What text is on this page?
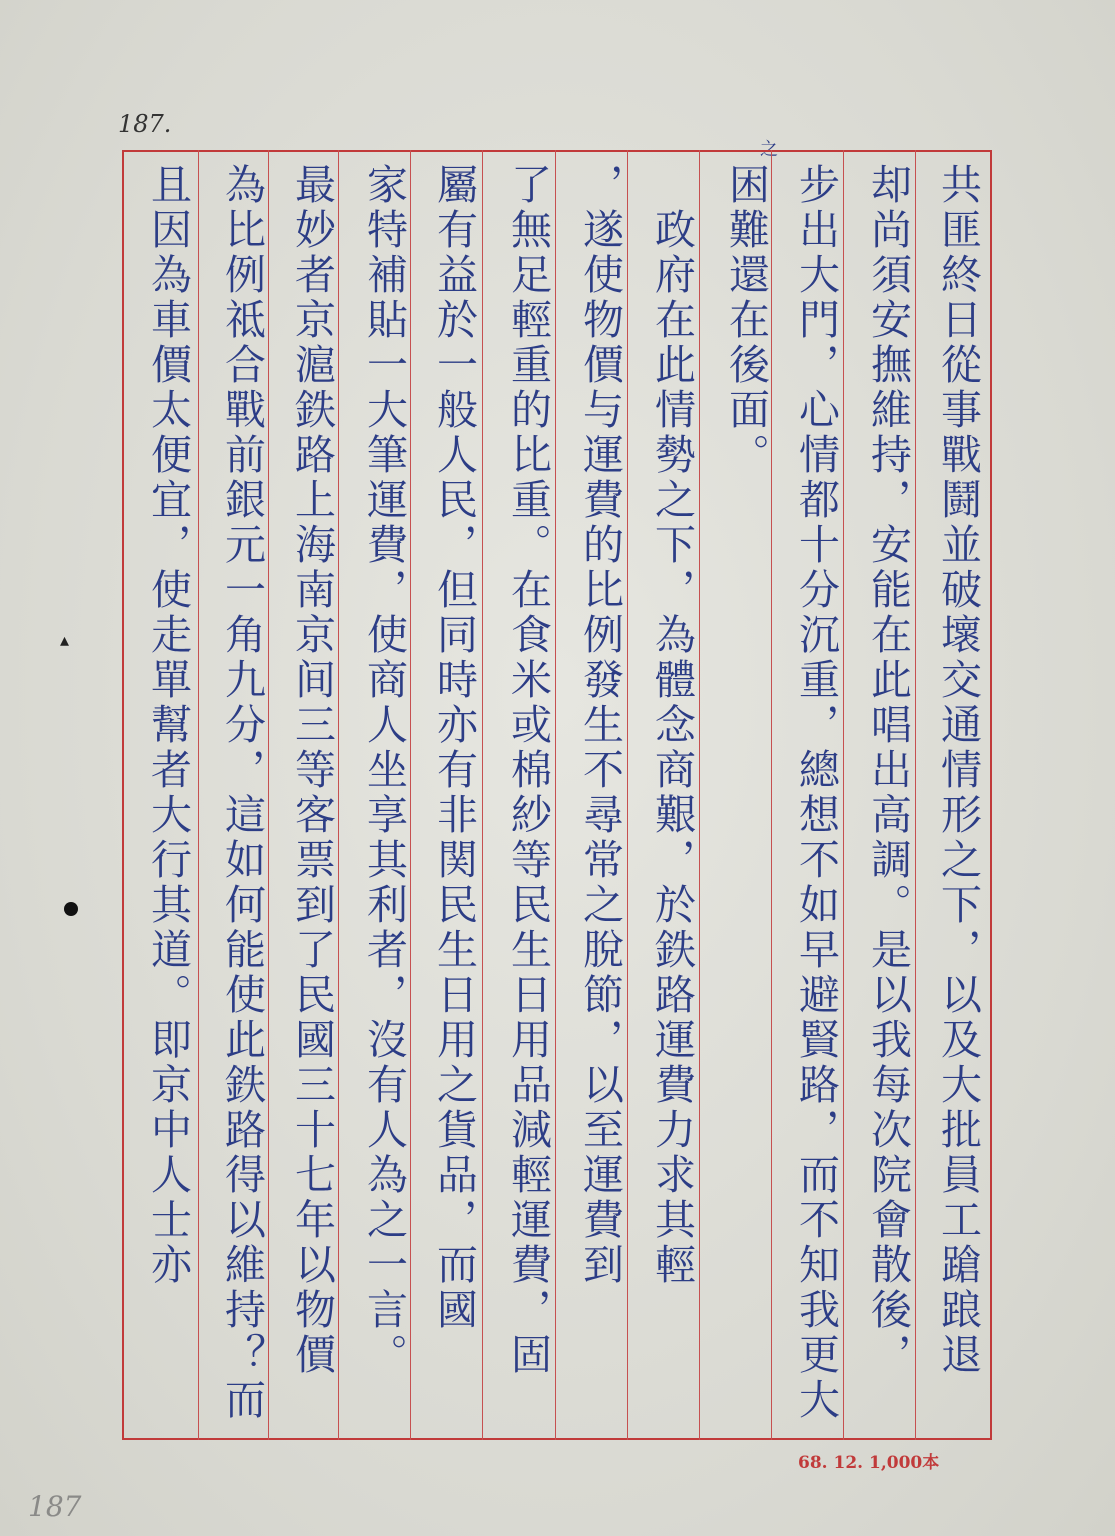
187.
之
共匪終日從事戰鬪並破壞交通情形之下，以及大批員工蹌踉退
却尚須安撫維持，安能在此唱出高調。是以我每次院會散後，
步出大門，心情都十分沉重，總想不如早避賢路，而不知我更大
困難還在後面。
　政府在此情勢之下，為體念商艱，於鉄路運費力求其輕
，遂使物價与運費的比例發生不尋常之脫節，以至運費到
了無足輕重的比重。在食米或棉紗等民生日用品減輕運費，固
屬有益於一般人民，但同時亦有非関民生日用之貨品，而國
家特補貼一大筆運費，使商人坐享其利者，沒有人為之一言。
最妙者京滬鉄路上海南京间三等客票到了民國三十七年以物價
為比例祗合戰前銀元一角九分，這如何能使此鉄路得以維持？而
且因為車價太便宜，使走單幫者大行其道。即京中人士亦
68. 12. 1,000本
187
▴
